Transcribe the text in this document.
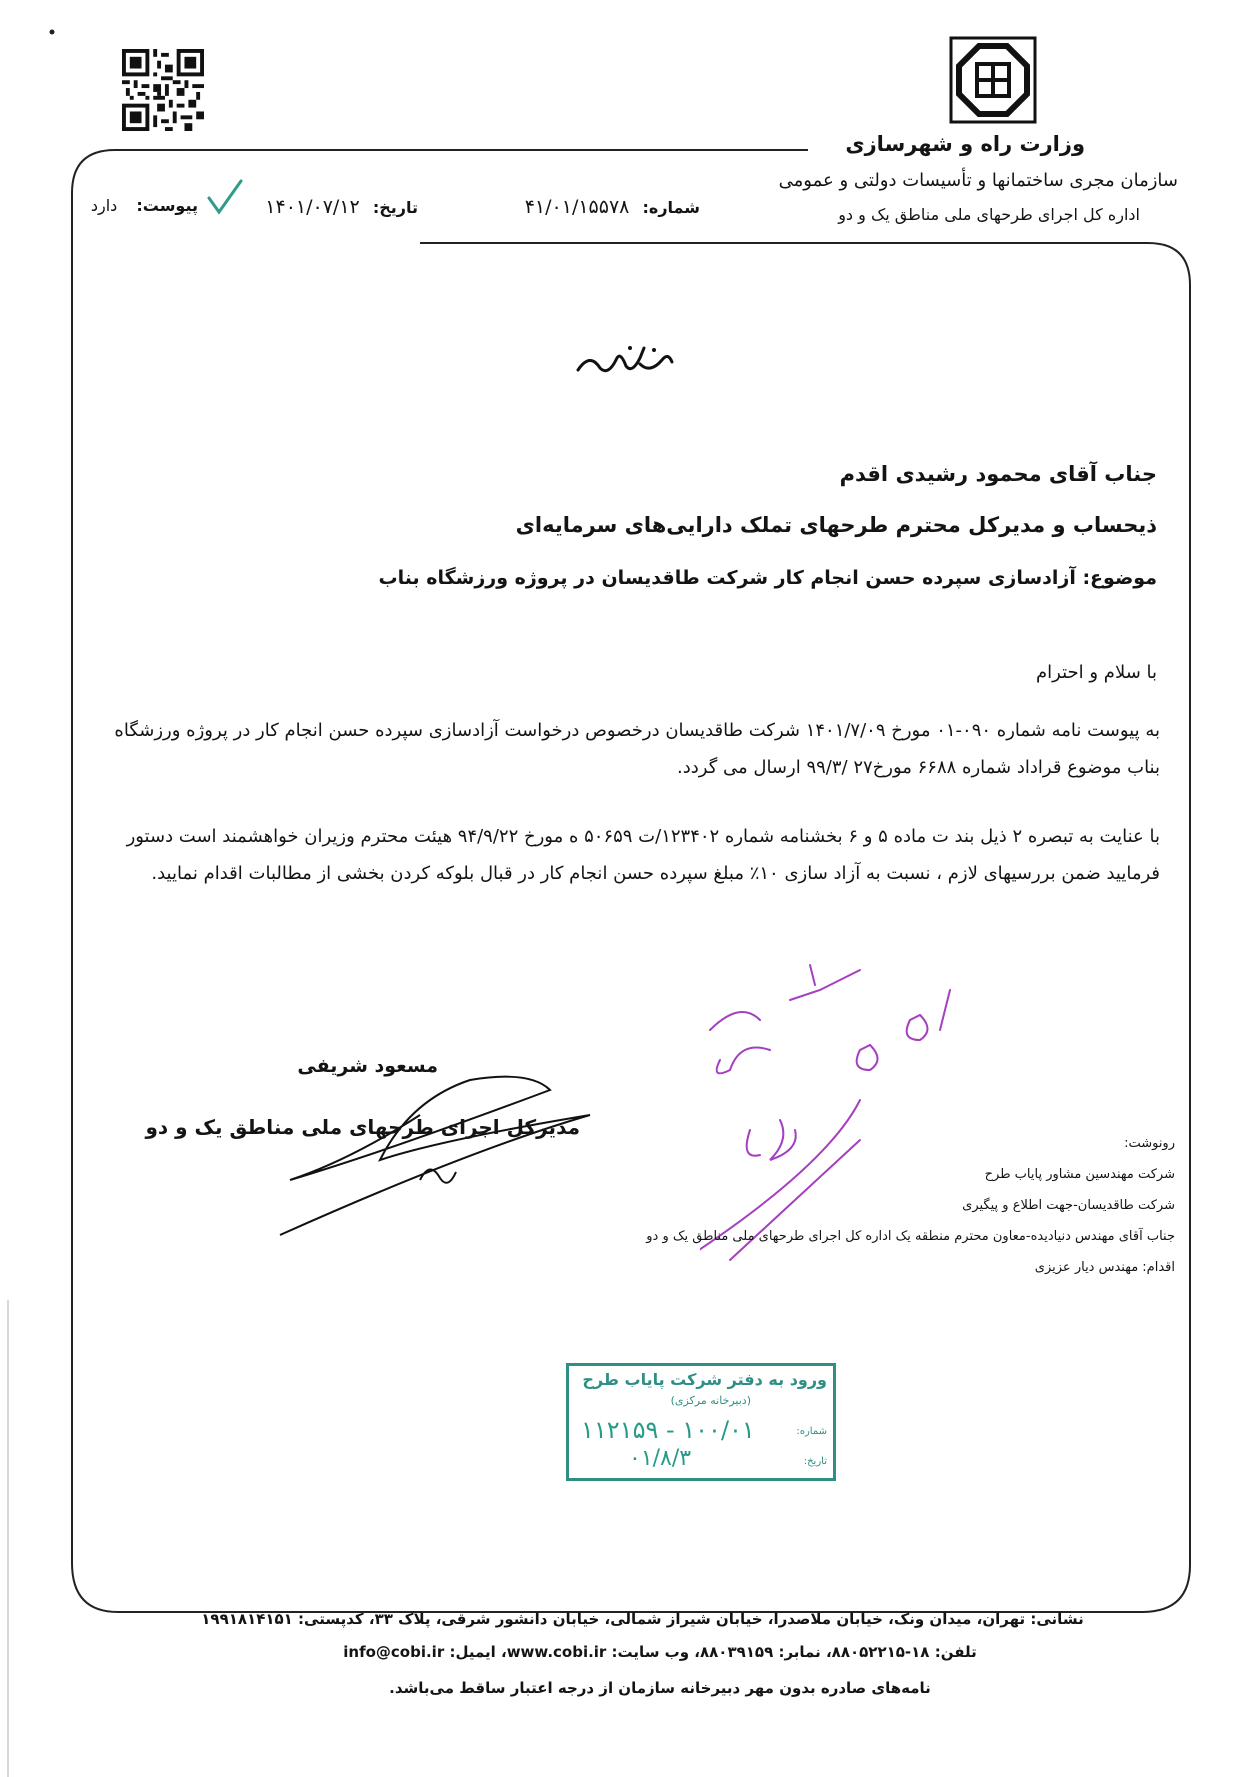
وزارت راه و شهرسازی
سازمان مجری ساختمانها و تأسیسات دولتی و عمومی
اداره کل اجرای طرحهای ملی مناطق یک و دو
شماره: ۴۱/۰۱/۱۵۵۷۸
تاریخ: ۱۴۰۱/۰۷/۱۲
پیوست: دارد
جناب آقای محمود رشیدی اقدم
ذیحساب و مدیرکل محترم طرحهای تملک دارایی‌های سرمایه‌ای
موضوع: آزادسازی سپرده حسن انجام کار شرکت طاقدیسان در پروژه ورزشگاه بناب
با سلام و احترام
به پیوست نامه شماره ۰۹۰-۰۱ مورخ ۱۴۰۱/۷/۰۹ شرکت طاقدیسان درخصوص درخواست آزادسازی سپرده حسن انجام کار در پروژه ورزشگاه بناب موضوع قراداد شماره ۶۶۸۸ مورخ۲۷ /۹۹/۳ ارسال می گردد.
با عنایت به تبصره ۲ ذیل بند ت ماده ۵ و ۶ بخشنامه شماره ۱۲۳۴۰۲/ت ۵۰۶۵۹ ه مورخ ۹۴/۹/۲۲ هیئت محترم وزیران خواهشمند است دستور فرمایید ضمن بررسیهای لازم ، نسبت به آزاد سازی ۱۰٪ مبلغ سپرده حسن انجام کار در قبال بلوکه کردن بخشی از مطالبات اقدام نمایید.
مسعود شریفی
مدیرکل اجرای طرحهای ملی مناطق یک و دو
رونوشت:
شرکت مهندسین مشاور پایاب طرح
شرکت طاقدیسان-جهت اطلاع و پیگیری
جناب آقای مهندس دنیادیده-معاون محترم منطقه یک اداره کل اجرای طرحهای ملی مناطق یک و دو
اقدام: مهندس دیار عزیزی
ورود به دفتر شرکت پایاب طرح
(دبیرخانه مرکزی)
شماره:
تاریخ:
۱۰۰/۰۱ - ۱۱۲۱۵۹
۰۱/۸/۳
نشانی: تهران، میدان ونک، خیابان ملاصدرا، خیابان شیراز شمالی، خیابان دانشور شرقی، پلاک ۳۳، کدپستی: ۱۹۹۱۸۱۴۱۵۱
تلفن: ۱۸-۸۸۰۵۲۲۱۵، نمابر: ۸۸۰۳۹۱۵۹، وب سایت: www.cobi.ir، ایمیل: info@cobi.ir
نامه‌های صادره بدون مهر دبیرخانه سازمان از درجه اعتبار ساقط می‌باشد.
